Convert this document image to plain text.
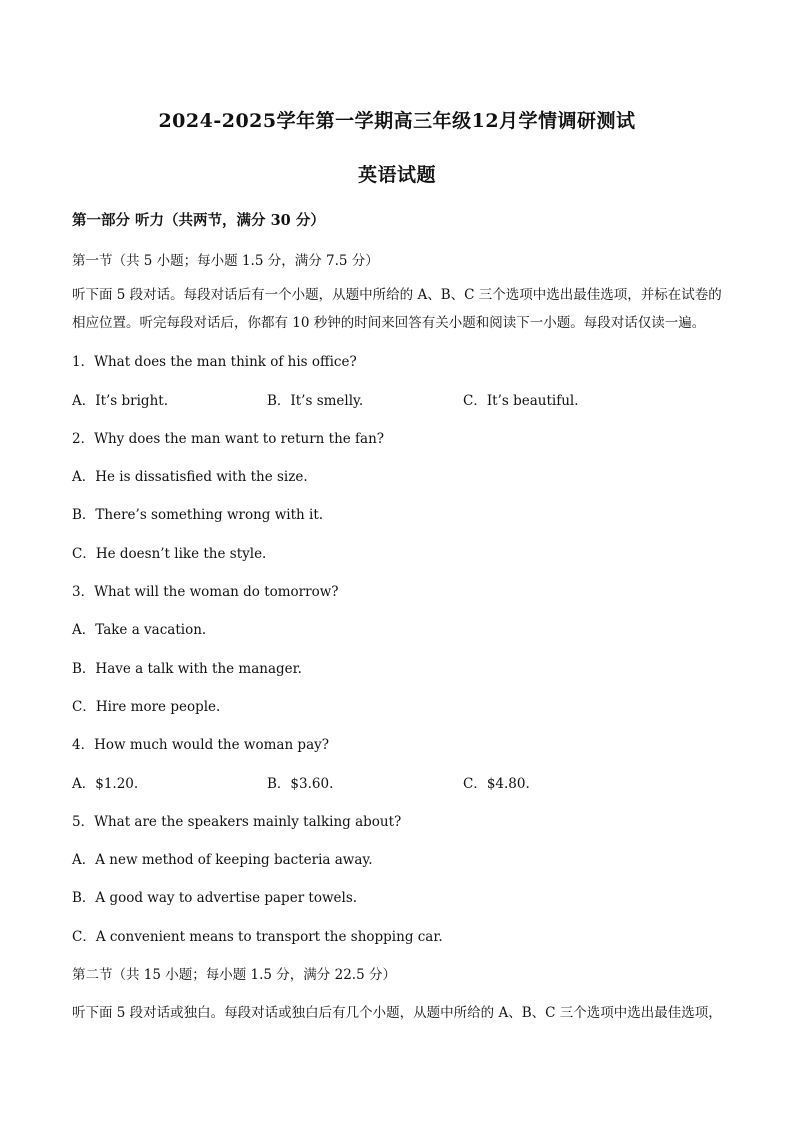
2024-2025学年第一学期高三年级12月学情调研测试
英语试题
第一部分 听力（共两节，满分 30 分）
第一节（共 5 小题；每小题 1.5 分，满分 7.5 分）
听下面 5 段对话。每段对话后有一个小题，从题中所给的 A、B、C 三个选项中选出最佳选项，并标在试卷的相应位置。听完每段对话后，你都有 10 秒钟的时间来回答有关小题和阅读下一小题。每段对话仅读一遍。
1．What does the man think of his office?
A．It’s bright.	B．It’s smelly.	C．It’s beautiful.
2．Why does the man want to return the fan?
A．He is dissatisfied with the size.
B．There’s something wrong with it.
C．He doesn’t like the style.
3．What will the woman do tomorrow?
A．Take a vacation.
B．Have a talk with the manager.
C．Hire more people.
4．How much would the woman pay?
A．$1.20.	B．$3.60.	C．$4.80.
5．What are the speakers mainly talking about?
A．A new method of keeping bacteria away.
B．A good way to advertise paper towels.
C．A convenient means to transport the shopping car.
第二节（共 15 小题；每小题 1.5 分，满分 22.5 分）
听下面 5 段对话或独白。每段对话或独白后有几个小题，从题中所给的 A、B、C 三个选项中选出最佳选项，
